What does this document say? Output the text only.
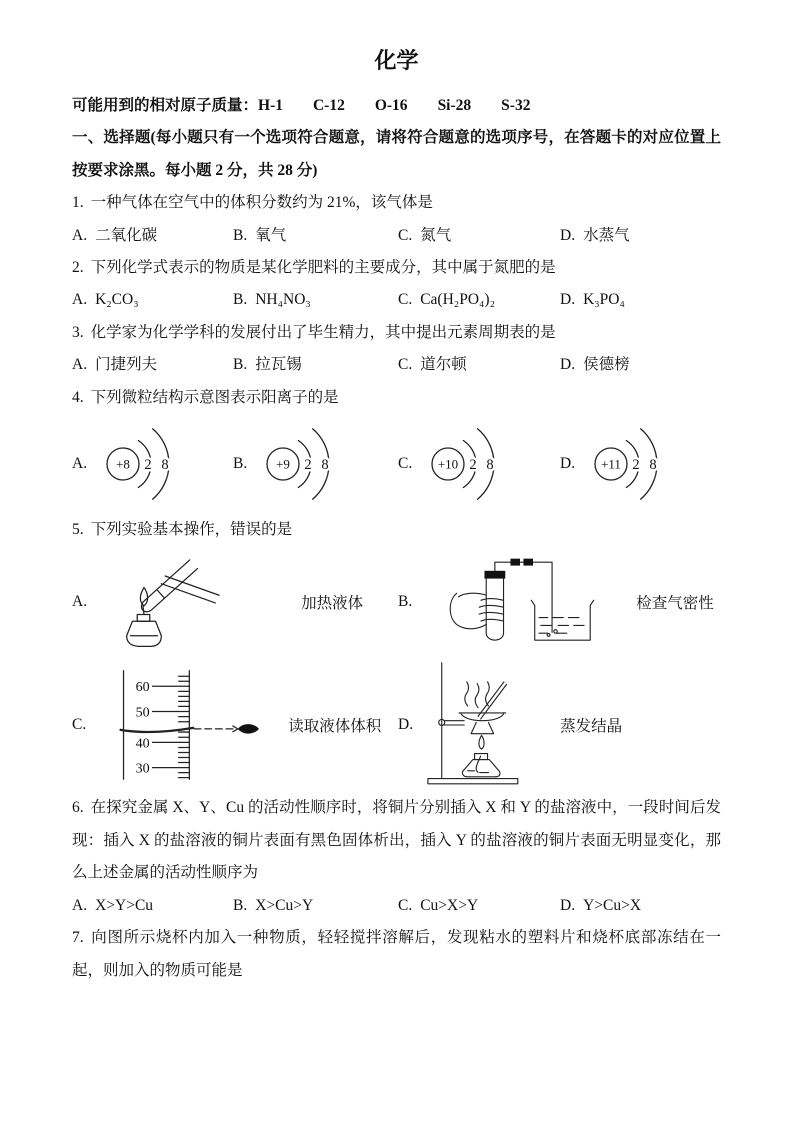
化学

可能用到的相对原子质量：H-1 C-12 O-16 Si-28 S-32

一、选择题(每小题只有一个选项符合题意，请将符合题意的选项序号，在答题卡的对应位置上按要求涂黑。每小题 2 分，共 28 分)

1. 一种气体在空气中的体积分数约为 21%，该气体是

A. 二氧化碳	B. 氧气	C. 氮气	D. 水蒸气

2. 下列化学式表示的物质是某化学肥料的主要成分，其中属于氮肥的是

A. K₂CO₃	B. NH₄NO₃	C. Ca(H₂PO₄)₂	D. K₃PO₄

3. 化学家为化学学科的发展付出了毕生精力，其中提出元素周期表的是

A. 门捷列夫	B. 拉瓦锡	C. 道尔顿	D. 侯德榜

4. 下列微粒结构示意图表示阳离子的是

A. +8 2 8	B. +9 2 8	C. +10 2 8	D. +11 2 8

5. 下列实验基本操作，错误的是

A.	加热液体 B.	检查气密性
C.
60
50
40
30
读取液体体积 D.	蒸发结晶

6. 在探究金属 X、Y、Cu 的活动性顺序时，将铜片分别插入 X 和 Y 的盐溶液中，一段时间后发现：插入 X 的盐溶液的铜片表面有黑色固体析出，插入 Y 的盐溶液的铜片表面无明显变化，那么上述金属的活动性顺序为

A. X>Y>Cu	B. X>Cu>Y	C. Cu>X>Y	D. Y>Cu>X

7. 向图所示烧杯内加入一种物质，轻轻搅拌溶解后，发现粘水的塑料片和烧杯底部冻结在一起，则加入的物质可能是
